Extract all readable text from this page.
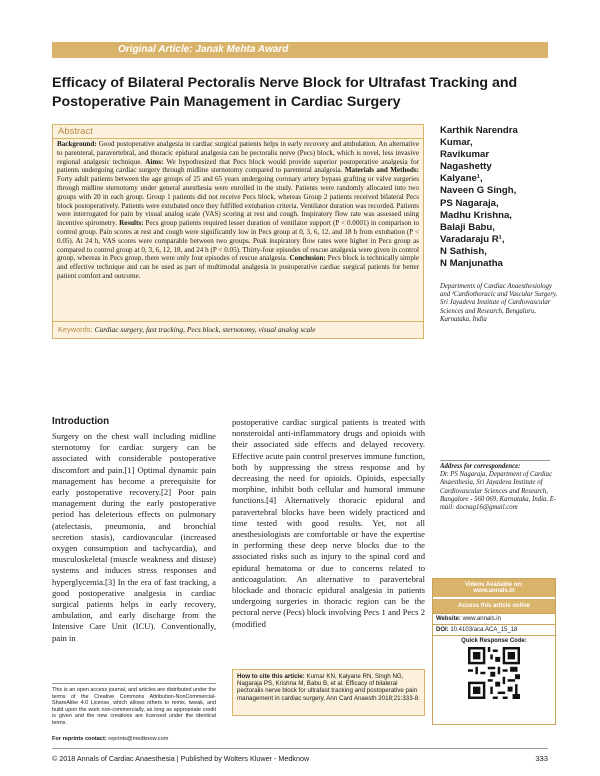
Original Article: Janak Mehta Award
Efficacy of Bilateral Pectoralis Nerve Block for Ultrafast Tracking and Postoperative Pain Management in Cardiac Surgery
Abstract

Background: Good postoperative analgesia in cardiac surgical patients helps in early recovery and ambulation. An alternative to parenteral, paravertebral, and thoracic epidural analgesia can be pectoralis nerve (Pecs) block, which is novel, less invasive regional analgesic technique. Aims: We hypothesized that Pecs block would provide superior postoperative analgesia for patients undergoing cardiac surgery through midline sternotomy compared to parenteral analgesia. Materials and Methods: Forty adult patients between the age groups of 25 and 65 years undergoing coronary artery bypass grafting or valve surgeries through midline sternotomy under general anesthesia were enrolled in the study. Patients were randomly allocated into two groups with 20 in each group. Group 1 patients did not receive Pecs block, whereas Group 2 patients received bilateral Pecs block postoperatively. Patients were extubated once they fulfilled extubation criteria. Ventilator duration was recorded. Patients were interrogated for pain by visual analog scale (VAS) scoring at rest and cough. Inspiratory flow rate was assessed using incentive spirometry. Results: Pecs group patients required lesser duration of ventilator support (P < 0.0001) in comparison to control group. Pain scores at rest and cough were significantly low in Pecs group at 0, 3, 6, 12, and 18 h from extubation (P < 0.05). At 24 h, VAS scores were comparable between two groups. Peak inspiratory flow rates were higher in Pecs group as compared to control group at 0, 3, 6, 12, 18, and 24 h (P < 0.05). Thirty-four episodes of rescue analgesia were given in control group, whereas in Pecs group, there were only four episodes of rescue analgesia. Conclusion: Pecs block is technically simple and effective technique and can be used as part of multimodal analgesia in postoperative cardiac surgical patients for better patient comfort and outcome.

Keywords: Cardiac surgery, fast tracking, Pecs block, sternotomy, visual analog scale
Karthik Narendra
Kumar,
Ravikumar
Nagashetty
Kalyane¹,
Naveen G Singh,
PS Nagaraja,
Madhu Krishna,
Balaji Babu,
Varadaraju R¹,
N Sathish,
N Manjunatha

Departments of Cardiac Anaesthesiology and ¹Cardiothoracic and Vascular Surgery, Sri Jayadeva Institute of Cardiovascular Sciences and Research, Bengaluru, Karnataka, India

Introduction

Surgery on the chest wall including midline sternotomy for cardiac surgery can be associated with considerable postoperative discomfort and pain.[1] Optimal dynamic pain management has become a prerequisite for early postoperative recovery.[2] Poor pain management during the early postoperative period has deleterious effects on pulmonary (atelectasis, pneumonia, and bronchial secretion stasis), cardiovascular (increased oxygen consumption and tachycardia), and musculoskeletal (muscle weakness and disuse) systems and induces stress responses and hyperglycemia.[3] In the era of fast tracking, a good postoperative analgesia in cardiac surgical patients helps in early recovery, ambulation, and early discharge from the Intensive Care Unit (ICU). Conventionally, pain in

postoperative cardiac surgical patients is treated with nonsteroidal anti-inflammatory drugs and opioids with their associated side effects and delayed recovery. Effective acute pain control preserves immune function, both by suppressing the stress response and by decreasing the need for opioids. Opioids, especially morphine, inhibit both cellular and humoral immune functions.[4] Alternatively thoracic epidural and paravertebral blocks have been widely practiced and time tested with good results. Yet, not all anesthesiologists are comfortable or have the expertise in performing these deep nerve blocks due to the associated risks such as injury to the spinal cord and epidural hematoma or due to concerns related to anticoagulation. An alternative to paravertebral blockade and thoracic epidural analgesia in patients undergoing surgeries in thoracic region can be the pectoral nerve (Pecs) block involving Pecs 1 and Pecs 2 (modified

Address for correspondence:
Dr. PS Nagaraja, Department of Cardiac Anaesthesia, Sri Jayadeva Institute of Cardiovascular Sciences and Research, Bangalore - 560 069, Karnataka, India. E-mail: docnag16@gmail.com
Videos Available on:
www.annals.in
Access this article online
Website: www.annals.in
DOI: 10.4103/aca.ACA_15_18
Quick Response Code:
How to cite this article: Kumar KN, Kalyane RN, Singh NG, Nagaraja PS, Krishna M, Babu B, et al. Efficacy of bilateral pectoralis nerve block for ultrafast tracking and postoperative pain management in cardiac surgery. Ann Card Anaesth 2018;21:333-8.

This is an open access journal, and articles are distributed under the terms of the Creative Commons Attribution-NonCommercial-ShareAlike 4.0 License, which allows others to remix, tweak, and build upon the work non-commercially, as long as appropriate credit is given and the new creations are licensed under the identical terms.

For reprints contact: reprints@medknow.com
© 2018 Annals of Cardiac Anaesthesia | Published by Wolters Kluwer - Medknow	333
